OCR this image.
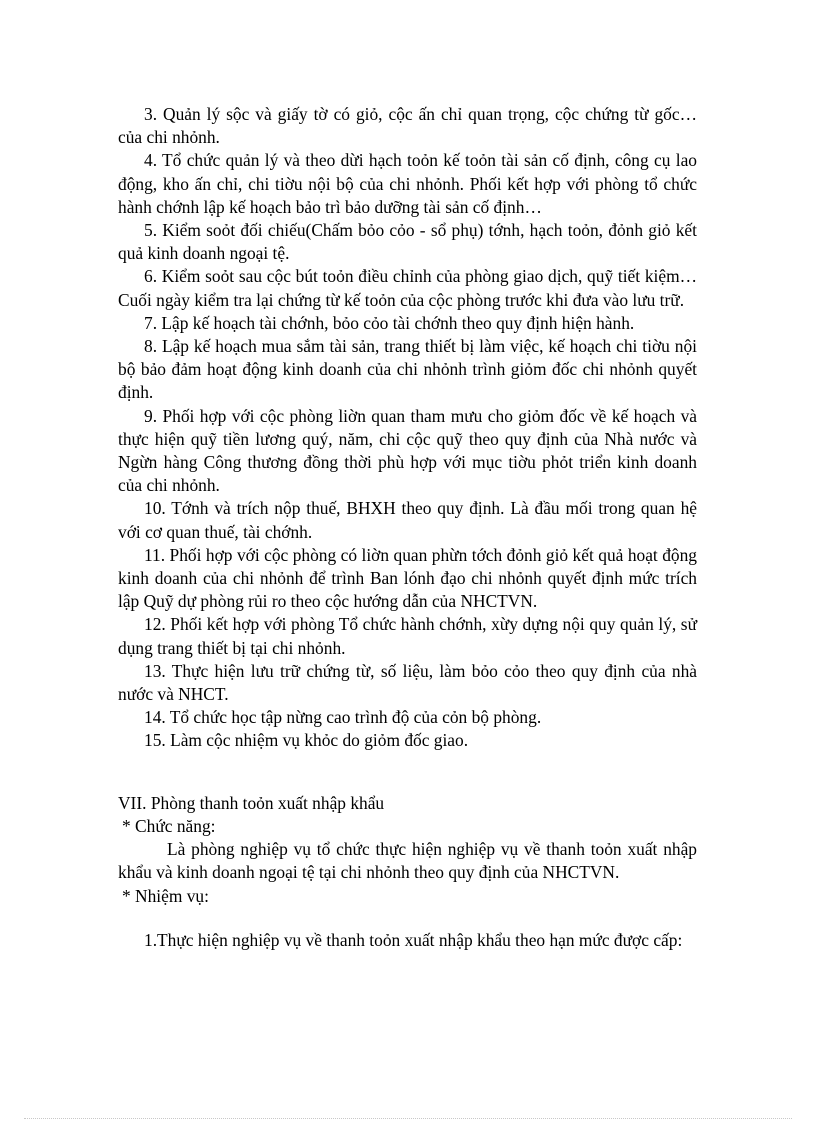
3. Quản lý sộc và giấy tờ có giỏ, cộc ấn chỉ quan trọng, cộc chứng từ gốc… của chi nhỏnh.

4. Tổ chức quản lý và theo dừi hạch toỏn kế toỏn tài sản cố định, công cụ lao động, kho ấn chỉ, chi tiờu nội bộ của chi nhỏnh. Phối kết hợp với phòng tổ chức hành chớnh lập kế hoạch bảo trì bảo dưỡng tài sản cố định…

5. Kiểm soỏt đối chiếu(Chấm bỏo cỏo - sổ phụ) tớnh, hạch toỏn, đỏnh giỏ kết quả kinh doanh ngoại tệ.

6. Kiểm soỏt sau cộc bút toỏn điều chỉnh của phòng giao dịch, quỹ tiết kiệm…Cuối ngày kiểm tra lại chứng từ kế toỏn của cộc phòng trước khi đưa vào lưu trữ.

7. Lập kế hoạch tài chớnh, bỏo cỏo tài chớnh theo quy định hiện hành.

8. Lập kế hoạch mua sắm tài sản, trang thiết bị làm việc, kế hoạch chi tiờu nội bộ bảo đảm hoạt động kinh doanh của chi nhỏnh trình giỏm đốc chi nhỏnh quyết định.

9. Phối hợp với cộc phòng liờn quan tham mưu cho giỏm đốc về kế hoạch và thực hiện quỹ tiền lương quý, năm, chi cộc quỹ theo quy định của Nhà nước và Ngừn hàng Công thương đồng thời phù hợp với mục tiờu phỏt triển kinh doanh của chi nhỏnh.

10. Tớnh và trích nộp thuế, BHXH theo quy định. Là đầu mối trong quan hệ với cơ quan thuế, tài chớnh.

11. Phối hợp với cộc phòng có liờn quan phừn tớch đỏnh giỏ kết quả hoạt động kinh doanh của chi nhỏnh để trình Ban lónh đạo chi nhỏnh quyết định mức trích lập Quỹ dự phòng rủi ro theo cộc hướng dẫn của NHCTVN.

12. Phối kết hợp với phòng Tổ chức hành chớnh, xừy dựng nội quy quản lý, sử dụng trang thiết bị tại chi nhỏnh.

13. Thực hiện lưu trữ chứng từ, số liệu, làm bỏo cỏo theo quy định của nhà nước và NHCT.

14. Tổ chức học tập nừng cao trình độ của cỏn bộ phòng.

15. Làm cộc nhiệm vụ khỏc do giỏm đốc giao.

VII. Phòng thanh toỏn xuất nhập khẩu

* Chức năng:

Là phòng nghiệp vụ tổ chức thực hiện nghiệp vụ về thanh toỏn xuất nhập khẩu và kinh doanh ngoại tệ tại chi nhỏnh theo quy định của NHCTVN.

* Nhiệm vụ:

1.Thực hiện nghiệp vụ về thanh toỏn xuất nhập khẩu theo hạn mức được cấp:
